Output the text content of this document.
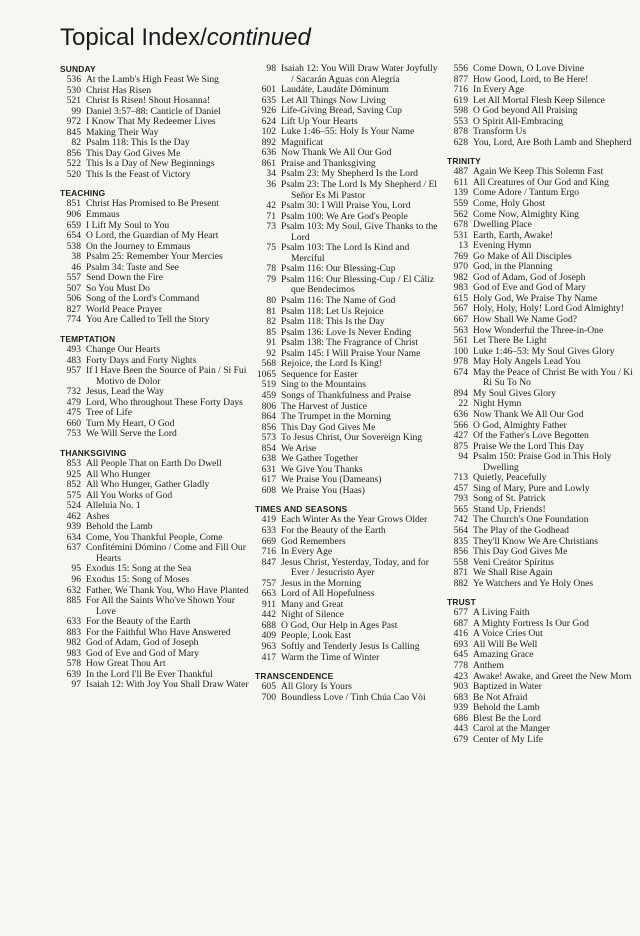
Topical Index/continued
SUNDAY
536 At the Lamb's High Feast We Sing
530 Christ Has Risen
521 Christ Is Risen! Shout Hosanna!
99 Daniel 3:57–88: Canticle of Daniel
972 I Know That My Redeemer Lives
845 Making Their Way
82 Psalm 118: This Is the Day
856 This Day God Gives Me
522 This Is a Day of New Beginnings
520 This Is the Feast of Victory
TEACHING
851 Christ Has Promised to Be Present
906 Emmaus
659 I Lift My Soul to You
654 O Lord, the Guardian of My Heart
538 On the Journey to Emmaus
38 Psalm 25: Remember Your Mercies
46 Psalm 34: Taste and See
557 Send Down the Fire
507 So You Must Do
506 Song of the Lord's Command
827 World Peace Prayer
774 You Are Called to Tell the Story
TEMPTATION
493 Change Our Hearts
483 Forty Days and Forty Nights
957 If I Have Been the Source of Pain / Si Fui Motivo de Dolor
732 Jesus, Lead the Way
479 Lord, Who throughout These Forty Days
475 Tree of Life
660 Turn My Heart, O God
753 We Will Serve the Lord
THANKSGIVING
853 All People That on Earth Do Dwell
925 All Who Hunger
852 All Who Hunger, Gather Gladly
575 All You Works of God
524 Alleluia No. 1
462 Ashes
939 Behold the Lamb
634 Come, You Thankful People, Come
637 Confitémini Dómino / Come and Fill Our Hearts
95 Exodus 15: Song at the Sea
96 Exodus 15: Song of Moses
632 Father, We Thank You, Who Have Planted
885 For All the Saints Who've Shown Your Love
633 For the Beauty of the Earth
883 For the Faithful Who Have Answered
982 God of Adam, God of Joseph
983 God of Eve and God of Mary
578 How Great Thou Art
639 In the Lord I'll Be Ever Thankful
97 Isaiah 12: With Joy You Shall Draw Water
98 Isaiah 12: You Will Draw Water Joyfully / Sacarán Aguas con Alegría
601 Laudáte, Laudáte Dóminum
635 Let All Things Now Living
926 Life-Giving Bread, Saving Cup
624 Lift Up Your Hearts
102 Luke 1:46–55: Holy Is Your Name
892 Magnificat
636 Now Thank We All Our God
861 Praise and Thanksgiving
34 Psalm 23: My Shepherd Is the Lord
36 Psalm 23: The Lord Is My Shepherd / El Señor Es Mi Pastor
42 Psalm 30: I Will Praise You, Lord
71 Psalm 100: We Are God's People
73 Psalm 103: My Soul, Give Thanks to the Lord
75 Psalm 103: The Lord Is Kind and Merciful
78 Psalm 116: Our Blessing-Cup
79 Psalm 116: Our Blessing-Cup / El Cáliz que Bendecimos
80 Psalm 116: The Name of God
81 Psalm 118: Let Us Rejoice
82 Psalm 118: This Is the Day
85 Psalm 136: Love Is Never Ending
91 Psalm 138: The Fragrance of Christ
92 Psalm 145: I Will Praise Your Name
568 Rejoice, the Lord Is King!
1065 Sequence for Easter
519 Sing to the Mountains
459 Songs of Thankfulness and Praise
806 The Harvest of Justice
864 The Trumpet in the Morning
856 This Day God Gives Me
573 To Jesus Christ, Our Sovereign King
854 We Arise
638 We Gather Together
631 We Give You Thanks
617 We Praise You (Dameans)
608 We Praise You (Haas)
TIMES AND SEASONS
419 Each Winter As the Year Grows Older
633 For the Beauty of the Earth
669 God Remembers
716 In Every Age
847 Jesus Christ, Yesterday, Today, and for Ever / Jesucristo Ayer
757 Jesus in the Morning
663 Lord of All Hopefulness
911 Many and Great
442 Night of Silence
688 O God, Our Help in Ages Past
409 People, Look East
963 Softly and Tenderly Jesus Is Calling
417 Warm the Time of Winter
TRANSCENDENCE
605 All Glory Is Yours
700 Boundless Love / Tình Chúa Cao Vòi
556 Come Down, O Love Divine
877 How Good, Lord, to Be Here!
716 In Every Age
619 Let All Mortal Flesh Keep Silence
598 O God beyond All Praising
553 O Spirit All-Embracing
878 Transform Us
628 You, Lord, Are Both Lamb and Shepherd
TRINITY
487 Again We Keep This Solemn Fast
611 All Creatures of Our God and King
139 Come Adore / Tantum Ergo
559 Come, Holy Ghost
562 Come Now, Almighty King
678 Dwelling Place
531 Earth, Earth, Awake!
13 Evening Hymn
769 Go Make of All Disciples
970 God, in the Planning
982 God of Adam, God of Joseph
983 God of Eve and God of Mary
615 Holy God, We Praise Thy Name
567 Holy, Holy, Holy! Lord God Almighty!
667 How Shall We Name God?
563 How Wonderful the Three-in-One
561 Let There Be Light
100 Luke 1:46–53: My Soul Gives Glory
978 May Holy Angels Lead You
674 May the Peace of Christ Be with You / Ki Ri Su To No
894 My Soul Gives Glory
22 Night Hymn
636 Now Thank We All Our God
566 O God, Almighty Father
427 Of the Father's Love Begotten
875 Praise We the Lord This Day
94 Psalm 150: Praise God in This Holy Dwelling
713 Quietly, Peacefully
457 Sing of Mary, Pure and Lowly
793 Song of St. Patrick
565 Stand Up, Friends!
742 The Church's One Foundation
564 The Play of the Godhead
835 They'll Know We Are Christians
856 This Day God Gives Me
558 Veni Creátor Spíritus
871 We Shall Rise Again
882 Ye Watchers and Ye Holy Ones
TRUST
677 A Living Faith
687 A Mighty Fortress Is Our God
416 A Voice Cries Out
693 All Will Be Well
645 Amazing Grace
778 Anthem
423 Awake! Awake, and Greet the New Morn
903 Baptized in Water
683 Be Not Afraid
939 Behold the Lamb
686 Blest Be the Lord
443 Carol at the Manger
679 Center of My Life
